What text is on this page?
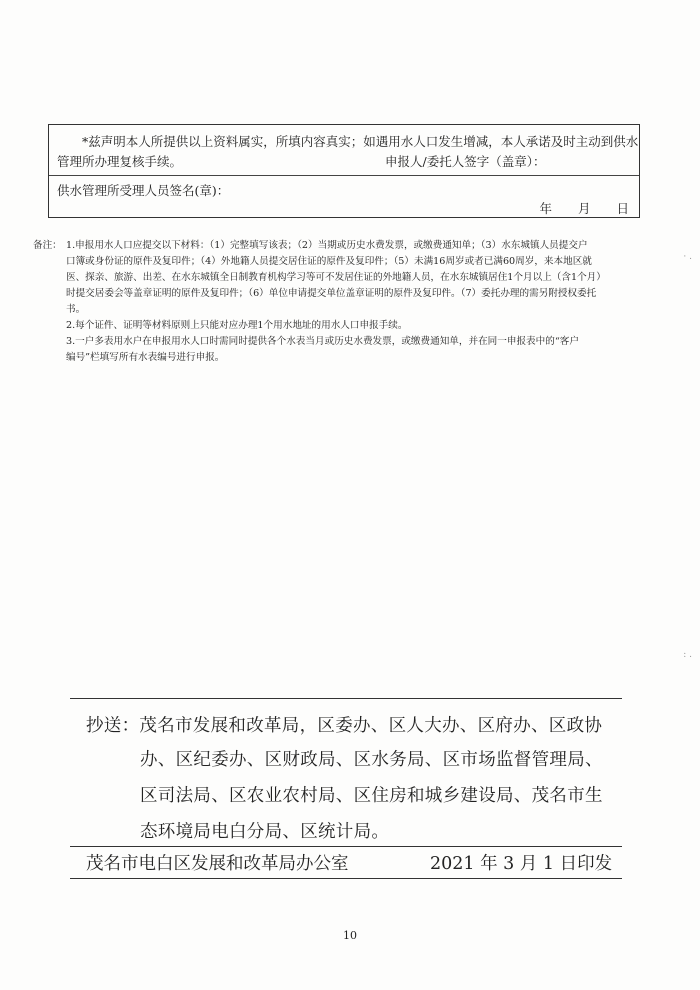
*兹声明本人所提供以上资料属实，所填内容真实；如遇用水人口发生增减，本人承诺及时主动到供水
管理所办理复核手续。	申报人/委托人签字（盖章）：
供水管理所受理人员签名(章)：
年 月 日
备注： 1.申报用水人口应提交以下材料：（1）完整填写该表；（2）当期或历史水费发票，或缴费通知单；（3）水东城镇人员提交户
口簿或身份证的原件及复印件；（4）外地籍人员提交居住证的原件及复印件；（5）未满16周岁或者已满60周岁，来本地区就
医、探亲、旅游、出差、在水东城镇全日制教育机构学习等可不发居住证的外地籍人员，在水东城镇居住1个月以上（含1个月）
时提交居委会等盖章证明的原件及复印件；（6）单位申请提交单位盖章证明的原件及复印件。（7）委托办理的需另附授权委托
书。
2.每个证件、证明等材料原则上只能对应办理1个用水地址的用水人口申报手续。
3.一户多表用水户在申报用水人口时需同时提供各个水表当月或历史水费发票，或缴费通知单，并在同一申报表中的“客户
编号”栏填写所有水表编号进行申报。
· .
: .
抄送：茂名市发展和改革局，区委办、区人大办、区府办、区政协
办、区纪委办、区财政局、区水务局、区市场监督管理局、
区司法局、区农业农村局、区住房和城乡建设局、茂名市生
态环境局电白分局、区统计局。
茂名市电白区发展和改革局办公室	2021 年 3 月 1 日印发
10
